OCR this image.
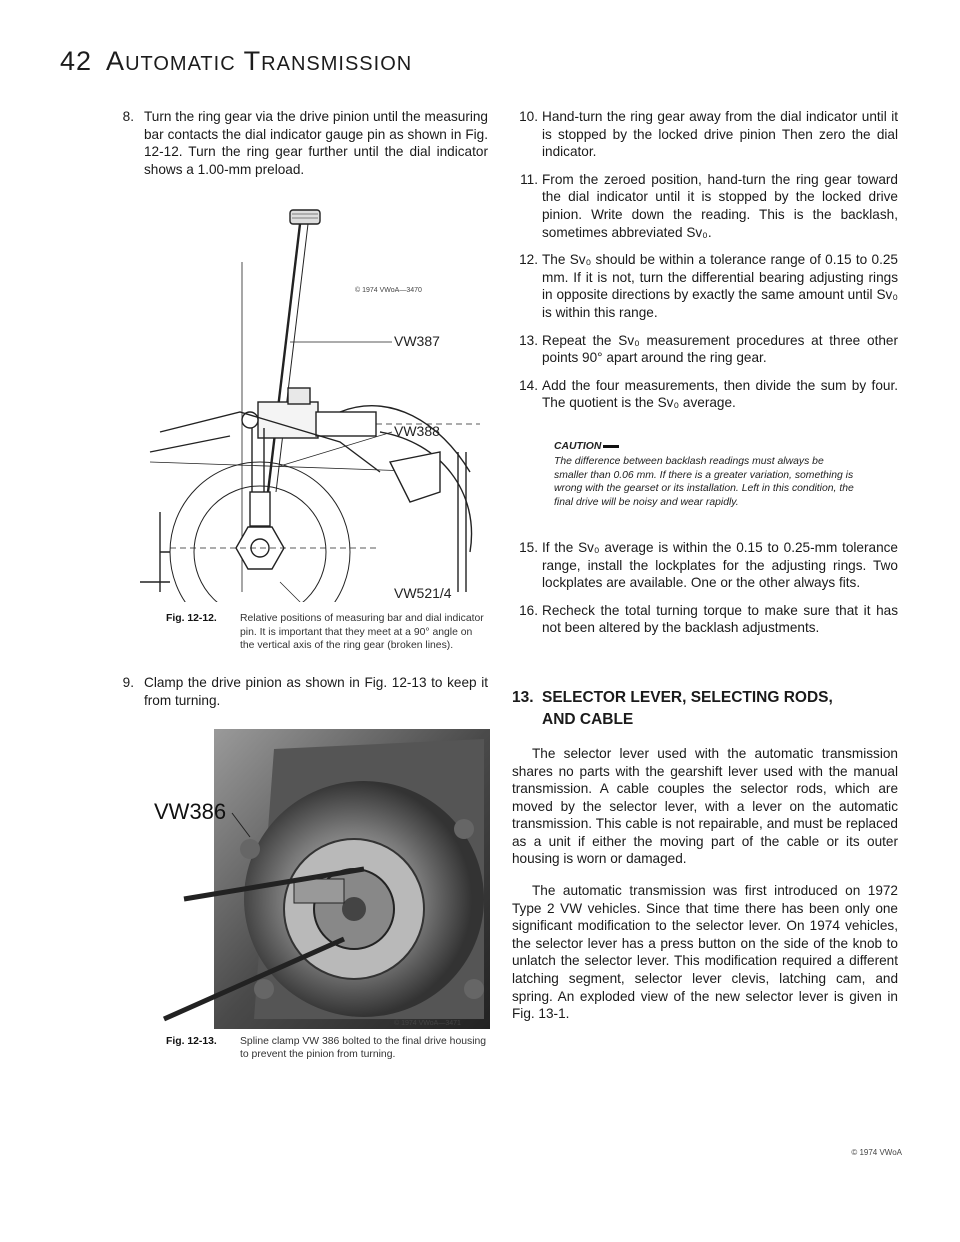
42 AUTOMATIC TRANSMISSION
8. Turn the ring gear via the drive pinion until the measuring bar contacts the dial indicator gauge pin as shown in Fig. 12-12. Turn the ring gear further until the dial indicator shows a 1.00-mm preload.
© 1974 VWoA—3470
VW387
VW388
VW521/4
Fig. 12-12. Relative positions of measuring bar and dial indicator pin. It is important that they meet at a 90° angle on the vertical axis of the ring gear (broken lines).
9. Clamp the drive pinion as shown in Fig. 12-13 to keep it from turning.
VW386
© 1974 VWoA—3471
Fig. 12-13. Spline clamp VW 386 bolted to the final drive housing to prevent the pinion from turning.
10. Hand-turn the ring gear away from the dial indicator until it is stopped by the locked drive pinion Then zero the dial indicator.
11. From the zeroed position, hand-turn the ring gear toward the dial indicator until it is stopped by the locked drive pinion. Write down the reading. This is the backlash, sometimes abbreviated Sv₀.
12. The Sv₀ should be within a tolerance range of 0.15 to 0.25 mm. If it is not, turn the differential bearing adjusting rings in opposite directions by exactly the same amount until Sv₀ is within this range.
13. Repeat the Sv₀ measurement procedures at three other points 90° apart around the ring gear.
14. Add the four measurements, then divide the sum by four. The quotient is the Sv₀ average.
CAUTION
The difference between backlash readings must always be smaller than 0.06 mm. If there is a greater variation, something is wrong with the gearset or its installation. Left in this condition, the final drive will be noisy and wear rapidly.
15. If the Sv₀ average is within the 0.15 to 0.25-mm tolerance range, install the lockplates for the adjusting rings. Two lockplates are available. One or the other always fits.
16. Recheck the total turning torque to make sure that it has not been altered by the backlash adjustments.
13. SELECTOR LEVER, SELECTING RODS,
AND CABLE

The selector lever used with the automatic transmission shares no parts with the gearshift lever used with the manual transmission. A cable couples the selector rods, which are moved by the selector lever, with a lever on the automatic transmission. This cable is not repairable, and must be replaced as a unit if either the moving part of the cable or its outer housing is worn or damaged.

The automatic transmission was first introduced on 1972 Type 2 VW vehicles. Since that time there has been only one significant modification to the selector lever. On 1974 vehicles, the selector lever has a press button on the side of the knob to unlatch the selector lever. This modification required a different latching segment, selector lever clevis, latching cam, and spring. An exploded view of the new selector lever is given in Fig. 13-1.

© 1974 VWoA
